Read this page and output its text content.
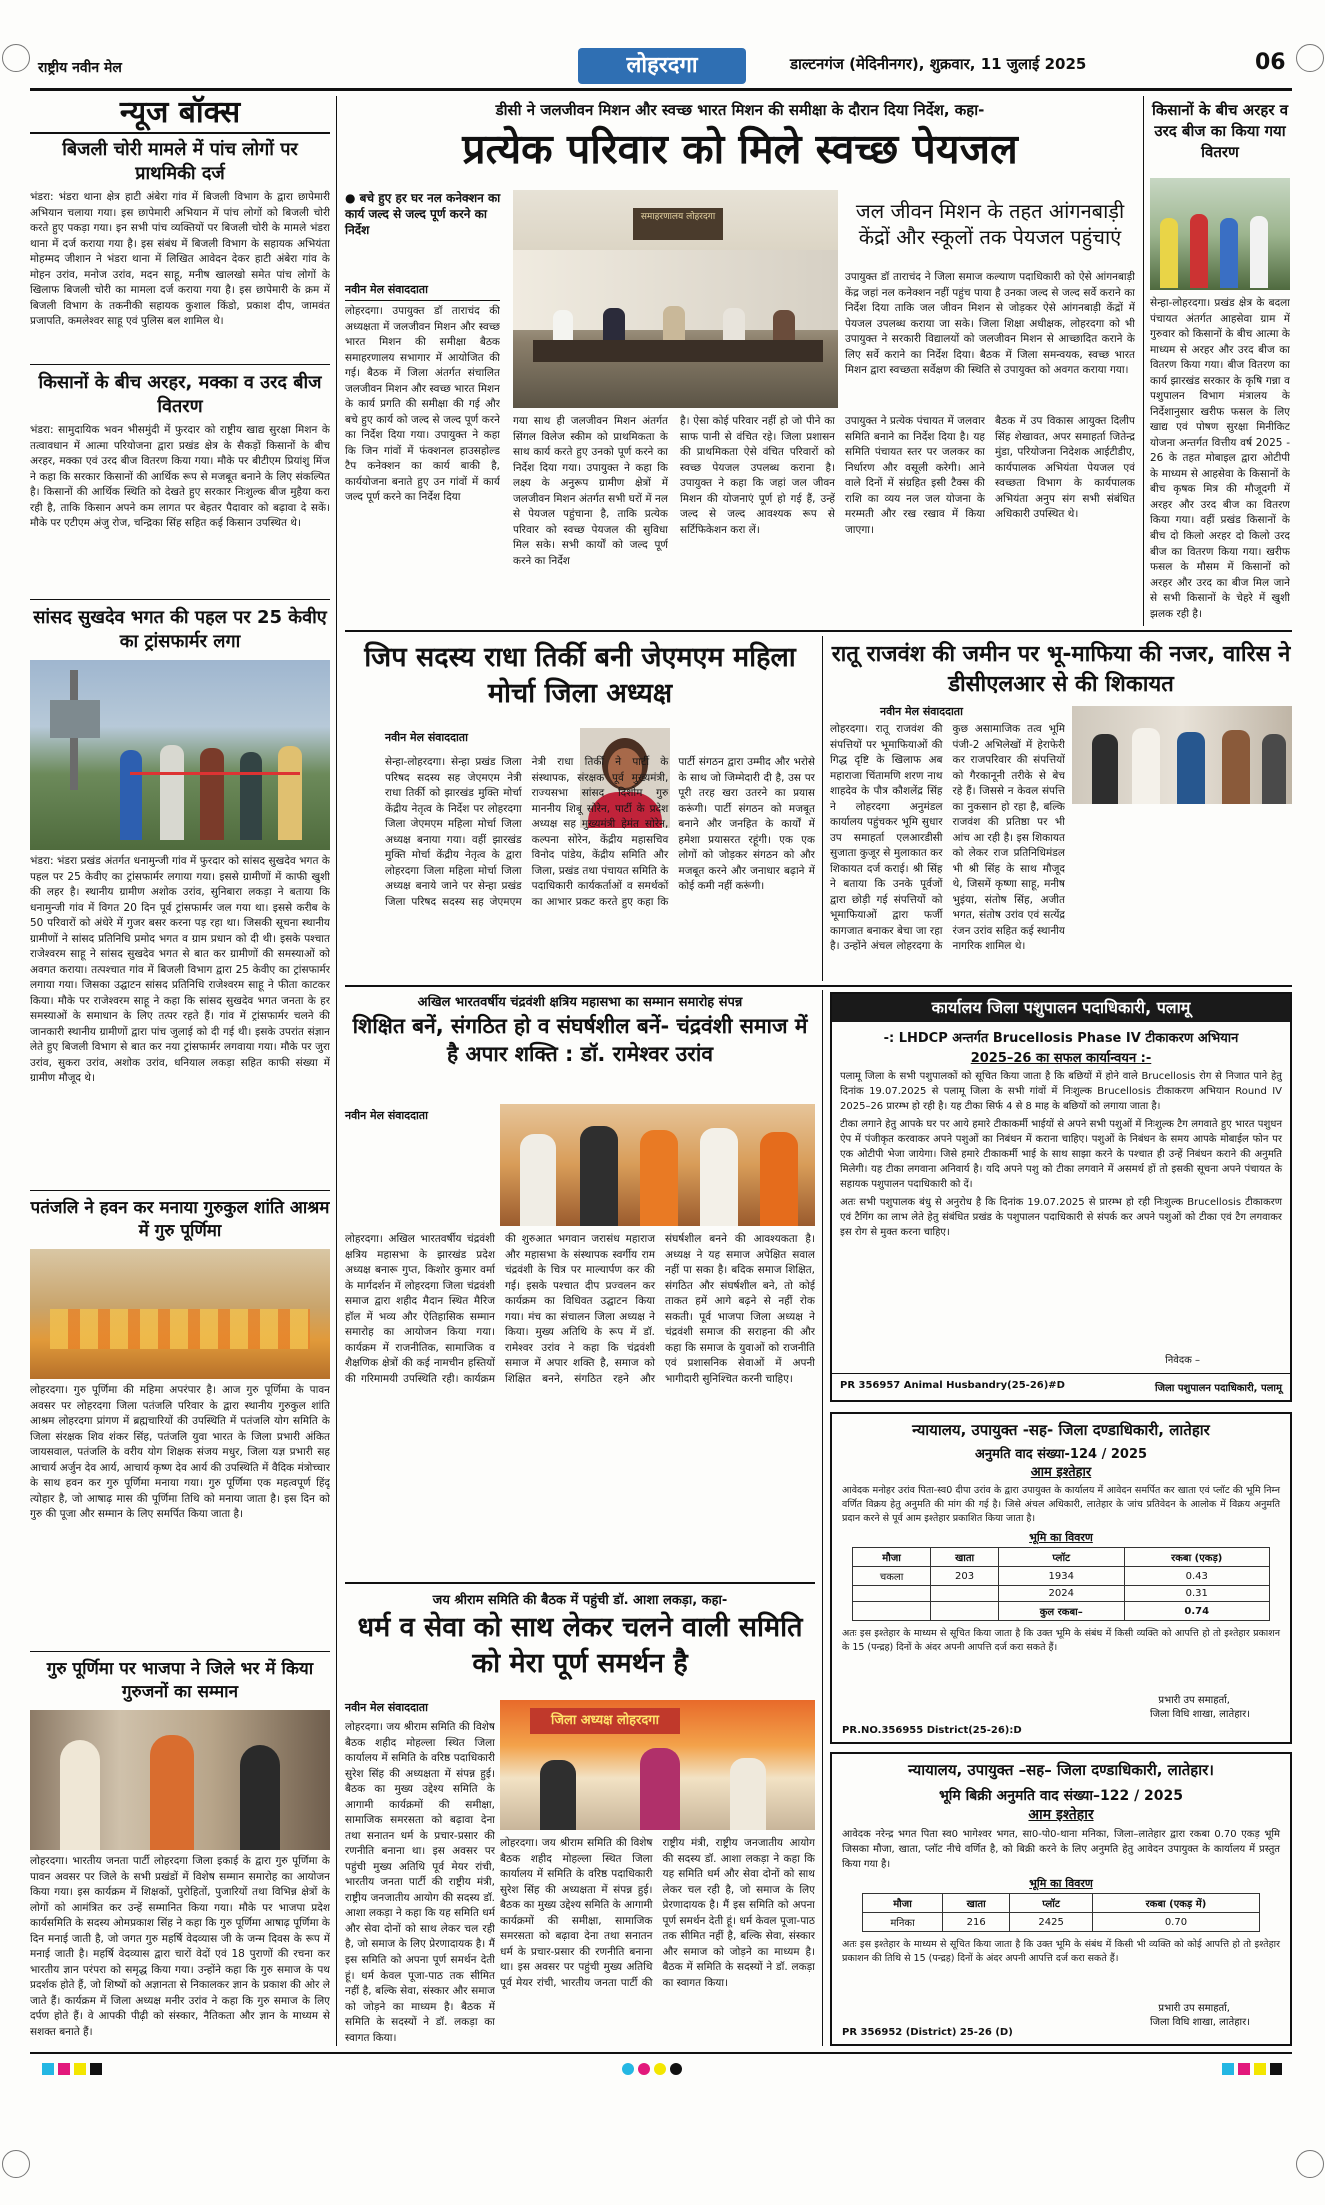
राष्ट्रीय नवीन मेल	लोहरदगा	डाल्टनगंज (मेदिनीनगर), शुक्रवार, 11 जुलाई 2025	06
न्यूज बॉक्स
बिजली चोरी मामले में पांच लोगों पर प्राथमिकी दर्ज
भंडरा: भंडरा थाना क्षेत्र हाटी अंबेरा गांव में बिजली विभाग के द्वारा छापेमारी अभियान चलाया गया। इस छापेमारी अभियान में पांच लोगों को बिजली चोरी करते हुए पकड़ा गया। इन सभी पांच व्यक्तियों पर बिजली चोरी के मामले भंडरा थाना में दर्ज कराया गया है। इस संबंध में बिजली विभाग के सहायक अभियंता मोहम्मद जीशान ने भंडरा थाना में लिखित आवेदन देकर हाटी अंबेरा गांव के मोहन उरांव, मनोज उरांव, मदन साहू, मनीष खालखो समेत पांच लोगों के खिलाफ बिजली चोरी का मामला दर्ज कराया गया है। इस छापेमारी के क्रम में बिजली विभाग के तकनीकी सहायक कुशाल किंडो, प्रकाश दीप, जामवंत प्रजापति, कमलेश्वर साहू एवं पुलिस बल शामिल थे।
किसानों के बीच अरहर, मक्का व उरद बीज वितरण
भंडरा: सामुदायिक भवन भीसमुंदी में फुरदार को राष्ट्रीय खाद्य सुरक्षा मिशन के तत्वावधान में आत्मा परियोजना द्वारा प्रखंड क्षेत्र के सैकड़ों किसानों के बीच अरहर, मक्का एवं उरद बीज वितरण किया गया। मौके पर बीटीएम प्रियांशु मिंज ने कहा कि सरकार किसानों की आर्थिक रूप से मजबूत बनाने के लिए संकल्पित है। किसानों की आर्थिक स्थिति को देखते हुए सरकार निःशुल्क बीज मुहैया करा रही है, ताकि किसान अपने कम लागत पर बेहतर पैदावार को बढ़ावा दे सकें। मौके पर एटीएम अंजु रोज, चन्द्रिका सिंह सहित कई किसान उपस्थित थे।
सांसद सुखदेव भगत की पहल पर 25 केवीए का ट्रांसफार्मर लगा
भंडरा: भंडरा प्रखंड अंतर्गत धनामुन्जी गांव में फुरदार को सांसद सुखदेव भगत के पहल पर 25 केवीए का ट्रांसफार्मर लगाया गया। इससे ग्रामीणों में काफी खुशी की लहर है। स्थानीय ग्रामीण अशोक उरांव, सुनिबारा लकड़ा ने बताया कि धनामुन्जी गांव में विगत 20 दिन पूर्व ट्रांसफार्मर जल गया था। इससे करीब के 50 परिवारों को अंधेरे में गुजर बसर करना पड़ रहा था। जिसकी सूचना स्थानीय ग्रामीणों ने सांसद प्रतिनिधि प्रमोद भगत व ग्राम प्रधान को दी थी। इसके पश्चात राजेश्वरम साहू ने सांसद सुखदेव भगत से बात कर ग्रामीणों की समस्याओं को अवगत कराया। तत्पश्चात गांव में बिजली विभाग द्वारा 25 केवीए का ट्रांसफार्मर लगाया गया। जिसका उद्घाटन सांसद प्रतिनिधि राजेश्वरम साहू ने फीता काटकर किया। मौके पर राजेश्वरम साहू ने कहा कि सांसद सुखदेव भगत जनता के हर समस्याओं के समाधान के लिए तत्पर रहते हैं। गांव में ट्रांसफार्मर चलने की जानकारी स्थानीय ग्रामीणों द्वारा पांच जुलाई को दी गई थी। इसके उपरांत संज्ञान लेते हुए बिजली विभाग से बात कर नया ट्रांसफार्मर लगवाया गया। मौके पर जुरा उरांव, सुकरा उरांव, अशोक उरांव, धनियाल लकड़ा सहित काफी संख्या में ग्रामीण मौजूद थे।
पतंजलि ने हवन कर मनाया गुरुकुल शांति आश्रम में गुरु पूर्णिमा
लोहरदगा। गुरु पूर्णिमा की महिमा अपरंपार है। आज गुरु पूर्णिमा के पावन अवसर पर लोहरदगा जिला पतंजलि परिवार के द्वारा स्थानीय गुरुकुल शांति आश्रम लोहरदगा प्रांगण में ब्रह्मचारियों की उपस्थिति में पतंजलि योग समिति के जिला संरक्षक शिव शंकर सिंह, पतंजलि युवा भारत के जिला प्रभारी अंकित जायसवाल, पतंजलि के वरीय योग शिक्षक संजय मधुर, जिला यज्ञ प्रभारी सह आचार्य अर्जुन देव आर्य, आचार्य कृष्ण देव आर्य की उपस्थिति में वैदिक मंत्रोच्चार के साथ हवन कर गुरु पूर्णिमा मनाया गया। गुरु पूर्णिमा एक महत्वपूर्ण हिंदू त्योहार है, जो आषाढ़ मास की पूर्णिमा तिथि को मनाया जाता है। इस दिन को गुरु की पूजा और सम्मान के लिए समर्पित किया जाता है।
गुरु पूर्णिमा पर भाजपा ने जिले भर में किया गुरुजनों का सम्मान
लोहरदगा। भारतीय जनता पार्टी लोहरदगा जिला इकाई के द्वारा गुरु पूर्णिमा के पावन अवसर पर जिले के सभी प्रखंडों में विशेष सम्मान समारोह का आयोजन किया गया। इस कार्यक्रम में शिक्षकों, पुरोहितों, पुजारियों तथा विभिन्न क्षेत्रों के लोगों को आमंत्रित कर उन्हें सम्मानित किया गया। मौके पर भाजपा प्रदेश कार्यसमिति के सदस्य ओमप्रकाश सिंह ने कहा कि गुरु पूर्णिमा आषाढ़ पूर्णिमा के दिन मनाई जाती है, जो जगत गुरु महर्षि वेदव्यास जी के जन्म दिवस के रूप में मनाई जाती है। महर्षि वेदव्यास द्वारा चारों वेदों एवं 18 पुराणों की रचना कर भारतीय ज्ञान परंपरा को समृद्ध किया गया। उन्होंने कहा कि गुरु समाज के पथ प्रदर्शक होते हैं, जो शिष्यों को अज्ञानता से निकालकर ज्ञान के प्रकाश की ओर ले जाते हैं। कार्यक्रम में जिला अध्यक्ष मनीर उरांव ने कहा कि गुरु समाज के लिए दर्पण होते हैं। वे आपकी पीढ़ी को संस्कार, नैतिकता और ज्ञान के माध्यम से सशक्त बनाते हैं।
डीसी ने जलजीवन मिशन और स्वच्छ भारत मिशन की समीक्षा के दौरान दिया निर्देश, कहा-
प्रत्येक परिवार को मिले स्वच्छ पेयजल
● बचे हुए हर घर नल कनेक्शन का कार्य जल्द से जल्द पूर्ण करने का निर्देश
नवीन मेल संवाददाता
लोहरदगा। उपायुक्त डॉ ताराचंद की अध्यक्षता में जलजीवन मिशन और स्वच्छ भारत मिशन की समीक्षा बैठक समाहरणालय सभागार में आयोजित की गई। बैठक में जिला अंतर्गत संचालित जलजीवन मिशन और स्वच्छ भारत मिशन के कार्य प्रगति की समीक्षा की गई और बचे हुए कार्य को जल्द से जल्द पूर्ण करने का निर्देश दिया गया। उपायुक्त ने कहा कि जिन गांवों में फंक्शनल हाउसहोल्ड टैप कनेक्शन का कार्य बाकी है, कार्ययोजना बनाते हुए उन गांवों में कार्य जल्द पूर्ण करने का निर्देश दिया
समाहरणालय लोहरदगा
गया साथ ही जलजीवन मिशन अंतर्गत सिंगल विलेज स्कीम को प्राथमिकता के साथ कार्य करते हुए उनको पूर्ण करने का निर्देश दिया गया। उपायुक्त ने कहा कि लक्ष्य के अनुरूप ग्रामीण क्षेत्रों में जलजीवन मिशन अंतर्गत सभी घरों में नल से पेयजल पहुंचाना है, ताकि प्रत्येक परिवार को स्वच्छ पेयजल की सुविधा मिल सके। सभी कार्यों को जल्द पूर्ण करने का निर्देश
है। ऐसा कोई परिवार नहीं हो जो पीने का साफ पानी से वंचित रहे। जिला प्रशासन की प्राथमिकता ऐसे वंचित परिवारों को स्वच्छ पेयजल उपलब्ध कराना है। उपायुक्त ने कहा कि जहां जल जीवन मिशन की योजनाएं पूर्ण हो गई हैं, उन्हें जल्द से जल्द आवश्यक रूप से सर्टिफिकेशन करा लें।
जल जीवन मिशन के तहत आंगनबाड़ी केंद्रों और स्कूलों तक पेयजल पहुंचाएं
उपायुक्त डॉ ताराचंद ने जिला समाज कल्याण पदाधिकारी को ऐसे आंगनबाड़ी केंद्र जहां नल कनेक्शन नहीं पहुंच पाया है उनका जल्द से जल्द सर्वे कराने का निर्देश दिया ताकि जल जीवन मिशन से जोड़कर ऐसे आंगनबाड़ी केंद्रों में पेयजल उपलब्ध कराया जा सके। जिला शिक्षा अधीक्षक, लोहरदगा को भी उपायुक्त ने सरकारी विद्यालयों को जलजीवन मिशन से आच्छादित कराने के लिए सर्वे कराने का निर्देश दिया। बैठक में जिला समन्वयक, स्वच्छ भारत मिशन द्वारा स्वच्छता सर्वेक्षण की स्थिति से उपायुक्त को अवगत कराया गया।
उपायुक्त ने प्रत्येक पंचायत में जलवार समिति बनाने का निर्देश दिया है। यह समिति पंचायत स्तर पर जलकर का निर्धारण और वसूली करेगी। आने वाले दिनों में संग्रहित इसी टैक्स की राशि का व्यय नल जल योजना के मरम्मती और रख रखाव में किया जाएगा।
बैठक में उप विकास आयुक्त दिलीप सिंह शेखावत, अपर समाहर्ता जितेन्द्र मुंडा, परियोजना निदेशक आईटीडीए, कार्यपालक अभियंता पेयजल एवं स्वच्छता विभाग के कार्यपालक अभियंता अनुप संग सभी संबंधित अधिकारी उपस्थित थे।
किसानों के बीच अरहर व उरद बीज का किया गया वितरण
सेन्हा-लोहरदगा। प्रखंड क्षेत्र के बदला पंचायत अंतर्गत आहसेवा ग्राम में गुरुवार को किसानों के बीच आत्मा के माध्यम से अरहर और उरद बीज का वितरण किया गया। बीज वितरण का कार्य झारखंड सरकार के कृषि गन्ना व पशुपालन विभाग मंत्रालय के निर्देशानुसार खरीफ फसल के लिए खाद्य एवं पोषण सुरक्षा मिनीकिट योजना अन्तर्गत वित्तीय वर्ष 2025 - 26 के तहत मोबाइल द्वारा ओटीपी के माध्यम से आहसेवा के किसानों के बीच कृषक मित्र की मौजूदगी में अरहर और उरद बीज का वितरण किया गया। वहीं प्रखंड किसानों के बीच दो किलो अरहर दो किलो उरद बीज का वितरण किया गया। खरीफ फसल के मौसम में किसानों को अरहर और उरद का बीज मिल जाने से सभी किसानों के चेहरे में खुशी झलक रही है।
जिप सदस्य राधा तिर्की बनी जेएमएम महिला मोर्चा जिला अध्यक्ष
नवीन मेल संवाददाता
सेन्हा-लोहरदगा। सेन्हा प्रखंड जिला परिषद सदस्य सह जेएमएम नेत्री राधा तिर्की को झारखंड मुक्ति मोर्चा केंद्रीय नेतृत्व के निर्देश पर लोहरदगा जिला जेएमएम महिला मोर्चा जिला अध्यक्ष बनाया गया। वहीं झारखंड मुक्ति मोर्चा केंद्रीय नेतृत्व के द्वारा लोहरदगा जिला महिला मोर्चा जिला अध्यक्ष बनाये जाने पर सेन्हा प्रखंड जिला परिषद सदस्य सह जेएमएम नेत्री राधा तिर्की ने पार्टी के संस्थापक, संरक्षक पूर्व मुख्यमंत्री, राज्यसभा सांसद दिशोम गुरु माननीय शिबू सोरेन, पार्टी के प्रदेश अध्यक्ष सह मुख्यमंत्री हेमंत सोरेन, कल्पना सोरेन, केंद्रीय महासचिव विनोद पांडेय, केंद्रीय समिति और जिला, प्रखंड तथा पंचायत समिति के पदाधिकारी कार्यकर्ताओं व समर्थकों का आभार प्रकट करते हुए कहा कि पार्टी संगठन द्वारा उम्मीद और भरोसे के साथ जो जिम्मेदारी दी है, उस पर पूरी तरह खरा उतरने का प्रयास करूंगी। पार्टी संगठन को मजबूत बनाने और जनहित के कार्यों में हमेशा प्रयासरत रहूंगी। एक एक लोगों को जोड़कर संगठन को और मजबूत करने और जनाधार बढ़ाने में कोई कमी नहीं करूंगी।
रातू राजवंश की जमीन पर भू-माफिया की नजर, वारिस ने डीसीएलआर से की शिकायत
नवीन मेल संवाददाता
लोहरदगा। रातू राजवंश की संपत्तियों पर भूमाफियाओं की गिद्ध दृष्टि के खिलाफ अब महाराजा चिंतामणि शरण नाथ शाहदेव के पौत्र कौशलेंद्र सिंह ने लोहरदगा अनुमंडल कार्यालय पहुंचकर भूमि सुधार उप समाहर्ता एलआरडीसी सुजाता कुजूर से मुलाकात कर शिकायत दर्ज कराई। श्री सिंह ने बताया कि उनके पूर्वजों द्वारा छोड़ी गई संपत्तियों को भूमाफियाओं द्वारा फर्जी कागजात बनाकर बेचा जा रहा है। उन्होंने अंचल लोहरदगा के कुछ असामाजिक तत्व भूमि पंजी-2 अभिलेखों में हेराफेरी कर राजपरिवार की संपत्तियों को गैरकानूनी तरीके से बेच रहे हैं। जिससे न केवल संपत्ति का नुकसान हो रहा है, बल्कि राजवंश की प्रतिष्ठा पर भी आंच आ रही है। इस शिकायत को लेकर राज प्रतिनिधिमंडल भी श्री सिंह के साथ मौजूद थे, जिसमें कृष्णा साहू, मनीष भुइंया, संतोष सिंह, अजीत भगत, संतोष उरांव एवं सत्येंद्र रंजन उरांव सहित कई स्थानीय नागरिक शामिल थे।
अखिल भारतवर्षीय चंद्रवंशी क्षत्रिय महासभा का सम्मान समारोह संपन्न
शिक्षित बनें, संगठित हो व संघर्षशील बनें- चंद्रवंशी समाज में है अपार शक्ति : डॉ. रामेश्वर उरांव
नवीन मेल संवाददाता
लोहरदगा। अखिल भारतवर्षीय चंद्रवंशी क्षत्रिय महासभा के झारखंड प्रदेश अध्यक्ष बनारू गुप्त, किशोर कुमार वर्मा के मार्गदर्शन में लोहरदगा जिला चंद्रवंशी समाज द्वारा शहीद मैदान स्थित मैरिज हॉल में भव्य और ऐतिहासिक सम्मान समारोह का आयोजन किया गया। कार्यक्रम में राजनीतिक, सामाजिक व शैक्षणिक क्षेत्रों की कई नामचीन हस्तियों की गरिमामयी उपस्थिति रही। कार्यक्रम की शुरुआत भगवान जरासंध महाराज और महासभा के संस्थापक स्वर्गीय राम चंद्रवंशी के चित्र पर माल्यार्पण कर की गई। इसके पश्चात दीप प्रज्वलन कर कार्यक्रम का विधिवत उद्घाटन किया गया। मंच का संचालन जिला अध्यक्ष ने किया। मुख्य अतिथि के रूप में डॉ. रामेश्वर उरांव ने कहा कि चंद्रवंशी समाज में अपार शक्ति है, समाज को शिक्षित बनने, संगठित रहने और संघर्षशील बनने की आवश्यकता है। अध्यक्ष ने यह समाज अपेक्षित सवाल नहीं पा सका है। बदिक समाज शिक्षित, संगठित और संघर्षशील बने, तो कोई ताकत हमें आगे बढ़ने से नहीं रोक सकती। पूर्व भाजपा जिला अध्यक्ष ने चंद्रवंशी समाज की सराहना की और कहा कि समाज के युवाओं को राजनीति एवं प्रशासनिक सेवाओं में अपनी भागीदारी सुनिश्चित करनी चाहिए।
कार्यालय जिला पशुपालन पदाधिकारी, पलामू
-: LHDCP अन्तर्गत Brucellosis Phase IV टीकाकरण अभियान
2025–26 का सफल कार्यान्वयन :-
पलामू जिला के सभी पशुपालकों को सूचित किया जाता है कि बछियों में होने वाले Brucellosis रोग से निजात पाने हेतु दिनांक 19.07.2025 से पलामू जिला के सभी गांवों में निःशुल्क Brucellosis टीकाकरण अभियान Round IV 2025–26 प्रारम्भ हो रही है। यह टीका सिर्फ 4 से 8 माह के बछियों को लगाया जाता है।
टीका लगाने हेतु आपके घर पर आये हमारे टीकाकर्मी भाईयों से अपने सभी पशुओं में निःशुल्क टैग लगवाते हुए भारत पशुधन ऐप में पंजीकृत करवाकर अपने पशुओं का निबंधन में कराना चाहिए। पशुओं के निबंधन के समय आपके मोबाईल फोन पर एक ओटीपी भेजा जायेगा। जिसे हमारे टीकाकर्मी भाई के साथ साझा करने के पश्चात ही उन्हें निबंधन कराने की अनुमति मिलेगी। यह टीका लगवाना अनिवार्य है। यदि अपने पशु को टीका लगवाने में असमर्थ हों तो इसकी सूचना अपने पंचायत के सहायक पशुपालन पदाधिकारी को दें।
अतः सभी पशुपालक बंधु से अनुरोध है कि दिनांक 19.07.2025 से प्रारम्भ हो रही निःशुल्क Brucellosis टीकाकरण एवं टैगिंग का लाभ लेते हेतु संबंधित प्रखंड के पशुपालन पदाधिकारी से संपर्क कर अपने पशुओं को टीका एवं टैग लगवाकर इस रोग से मुक्त करना चाहिए।
निवेदक –
PR 356957 Animal Husbandry(25-26)#D	जिला पशुपालन पदाधिकारी, पलामू
न्यायालय, उपायुक्त -सह- जिला दण्डाधिकारी, लातेहार
अनुमति वाद संख्या-124 / 2025
आम इश्तेहार
आवेदक मनोहर उरांव पिता-स्व0 दीपा उरांव के द्वारा उपायुक्त के कार्यालय में आवेदन समर्पित कर खाता एवं प्लॉट की भूमि निम्न वर्णित विक्रय हेतु अनुमति की मांग की गई है। जिसे अंचल अधिकारी, लातेहार के जांच प्रतिवेदन के आलोक में विक्रय अनुमति प्रदान करने से पूर्व आम इश्तेहार प्रकाशित किया जाता है।
भूमि का विवरण
मौजा	खाता	प्लॉट	रकबा (एकड़)
चकला	203	1934	0.43
		2024	0.31
		कुल रकबा–	0.74
अतः इस इश्तेहार के माध्यम से सूचित किया जाता है कि उक्त भूमि के संबंध में किसी व्यक्ति को आपत्ति हो तो इश्तेहार प्रकाशन के 15 (पन्द्रह) दिनों के अंदर अपनी आपत्ति दर्ज करा सकते हैं।
प्रभारी उप समाहर्ता,
जिला विधि शाखा, लातेहार।
PR.NO.356955 District(25-26):D
न्यायालय, उपायुक्त –सह– जिला दण्डाधिकारी, लातेहार।
भूमि बिक्री अनुमति वाद संख्या–122 / 2025
आम इश्तेहार
आवेदक नरेन्द्र भगत पिता स्व0 भागेश्वर भगत, सा0-पो0-थाना मनिका, जिला–लातेहार द्वारा रकबा 0.70 एकड़ भूमि जिसका मौजा, खाता, प्लॉट नीचे वर्णित है, को बिक्री करने के लिए अनुमति हेतु आवेदन उपायुक्त के कार्यालय में प्रस्तुत किया गया है।
भूमि का विवरण
मौजा	खाता	प्लॉट	रकबा (एकड़ में)
मनिका	216	2425	0.70
अतः इस इश्तेहार के माध्यम से सूचित किया जाता है कि उक्त भूमि के संबंध में किसी भी व्यक्ति को कोई आपत्ति हो तो इश्तेहार प्रकाशन की तिथि से 15 (पन्द्रह) दिनों के अंदर अपनी आपत्ति दर्ज करा सकते हैं।
प्रभारी उप समाहर्ता,
जिला विधि शाखा, लातेहार।
PR 356952 (District) 25-26 (D)
जय श्रीराम समिति की बैठक में पहुंची डॉ. आशा लकड़ा, कहा-
धर्म व सेवा को साथ लेकर चलने वाली समिति को मेरा पूर्ण समर्थन है
नवीन मेल संवाददाता
जिला अध्यक्ष लोहरदगा
लोहरदगा। जय श्रीराम समिति की विशेष बैठक शहीद मोहल्ला स्थित जिला कार्यालय में समिति के वरिष्ठ पदाधिकारी सुरेश सिंह की अध्यक्षता में संपन्न हुई। बैठक का मुख्य उद्देश्य समिति के आगामी कार्यक्रमों की समीक्षा, सामाजिक समरसता को बढ़ावा देना तथा सनातन धर्म के प्रचार-प्रसार की रणनीति बनाना था। इस अवसर पर पहुंची मुख्य अतिथि पूर्व मेयर रांची, भारतीय जनता पार्टी की राष्ट्रीय मंत्री, राष्ट्रीय जनजातीय आयोग की सदस्य डॉ. आशा लकड़ा ने कहा कि यह समिति धर्म और सेवा दोनों को साथ लेकर चल रही है, जो समाज के लिए प्रेरणादायक है। मैं इस समिति को अपना पूर्ण समर्थन देती हूं। धर्म केवल पूजा-पाठ तक सीमित नहीं है, बल्कि सेवा, संस्कार और समाज को जोड़ने का माध्यम है। बैठक में समिति के सदस्यों ने डॉ. लकड़ा का स्वागत किया।
लोहरदगा। जय श्रीराम समिति की विशेष बैठक शहीद मोहल्ला स्थित जिला कार्यालय में समिति के वरिष्ठ पदाधिकारी सुरेश सिंह की अध्यक्षता में संपन्न हुई। बैठक का मुख्य उद्देश्य समिति के आगामी कार्यक्रमों की समीक्षा, सामाजिक समरसता को बढ़ावा देना तथा सनातन धर्म के प्रचार-प्रसार की रणनीति बनाना था। इस अवसर पर पहुंची मुख्य अतिथि पूर्व मेयर रांची, भारतीय जनता पार्टी की राष्ट्रीय मंत्री, राष्ट्रीय जनजातीय आयोग की सदस्य डॉ. आशा लकड़ा ने कहा कि यह समिति धर्म और सेवा दोनों को साथ लेकर चल रही है, जो समाज के लिए प्रेरणादायक है। मैं इस समिति को अपना पूर्ण समर्थन देती हूं। धर्म केवल पूजा-पाठ तक सीमित नहीं है, बल्कि सेवा, संस्कार और समाज को जोड़ने का माध्यम है। बैठक में समिति के सदस्यों ने डॉ. लकड़ा का स्वागत किया।
